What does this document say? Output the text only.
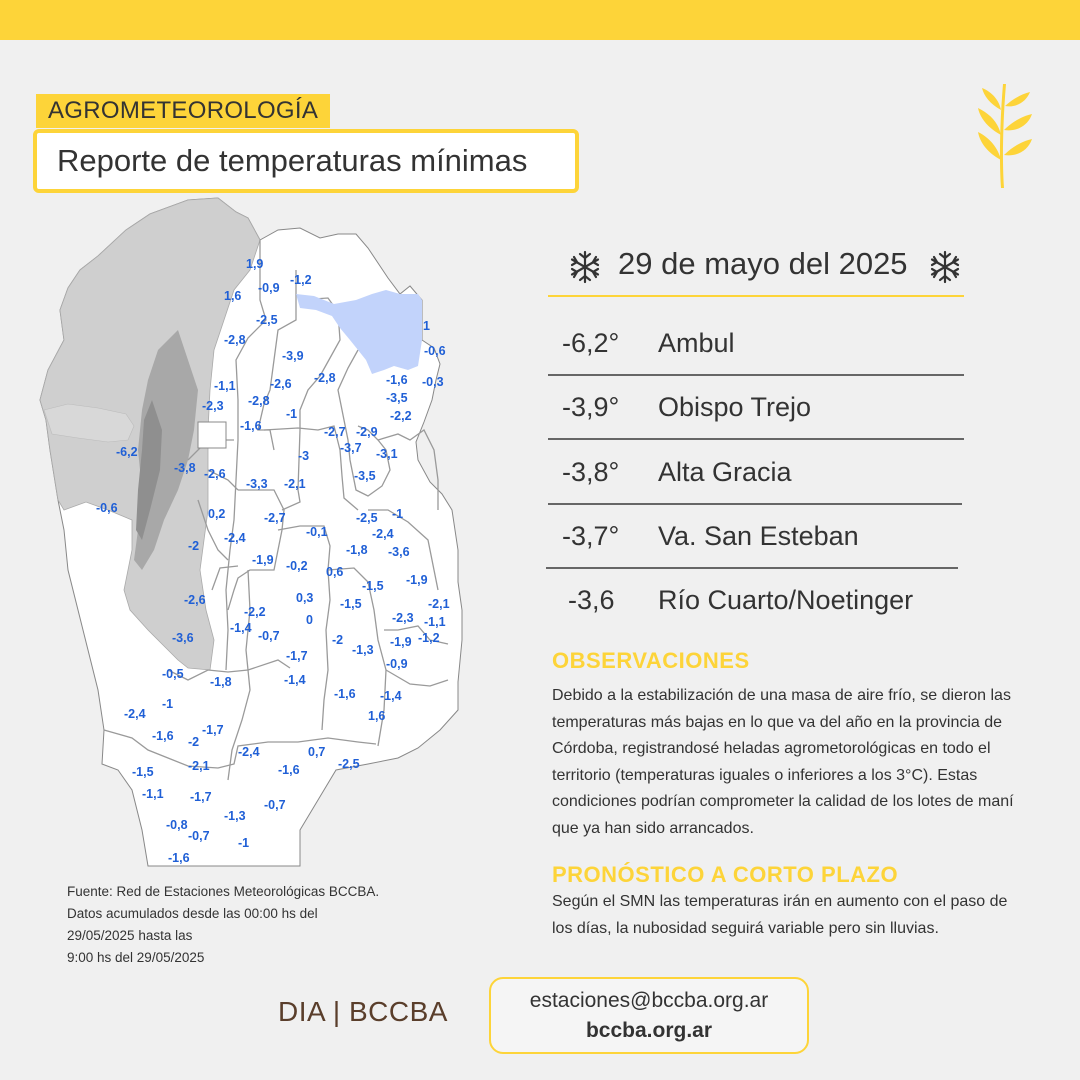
AGROMETEOROLOGÍA
Reporte de temperaturas mínimas
1,9
-1,2
-0,9
1,6
-2,5	1
-2,8
-0,6
-3,9
-2,8	-1,6 -0,3
-1,1	-2,6
-3,5
-2,3 -2,8
-1	-2,2
-1,6	-2,7 -2,9
-6,2	-3,7 -3,1
-3
-3,8 -2,6	-3,5
-3,3 -2,1
-0,6	0,2	-2,7	-2,5 -1
-0,1
-2,4	-2,4
-3,6
-2	-1,8
-1,9 -0,2 0,6
-1,9
-1,5
-2,6	0,3 -1,5	-2,1
-2,2	-2,3 -1,1
-1,4
-0,7
0
-3,6	-2	-1,9 -1,2
-1,3
-1,7
-0,9
-0,5
-1,8	-1,4
-1,6 -1,4
-1
-2,4	1,6
-1,7
-1,6 -2
-2,4	0,7
-2,5
-1,5	-2,1	-1,6
-1,1 -1,7
-0,7
-1,3
-0,8
-0,7 -1
-1,6
29 de mayo del 2025
-6,2° Ambul
-3,9° Obispo Trejo
-3,8° Alta Gracia
-3,7° Va. San Esteban
-3,6 Río Cuarto/Noetinger
OBSERVACIONES
Debido a la estabilización de una masa de aire frío, se dieron las temperaturas más bajas en lo que va del año en la provincia de Córdoba, registrandosé heladas agrometorológicas en todo el territorio (temperaturas iguales o inferiores a los 3°C). Estas condiciones podrían comprometer la calidad de los lotes de maní que ya han sido arrancados.
PRONÓSTICO A CORTO PLAZO
Según el SMN las temperaturas irán en aumento con el paso de los días, la nubosidad seguirá variable pero sin lluvias.
Fuente: Red de Estaciones Meteorológicas BCCBA.
Datos acumulados desde las 00:00 hs del
29/05/2025 hasta las
9:00 hs del 29/05/2025
DIA | BCCBA	estaciones@bccba.org.ar
bccba.org.ar
